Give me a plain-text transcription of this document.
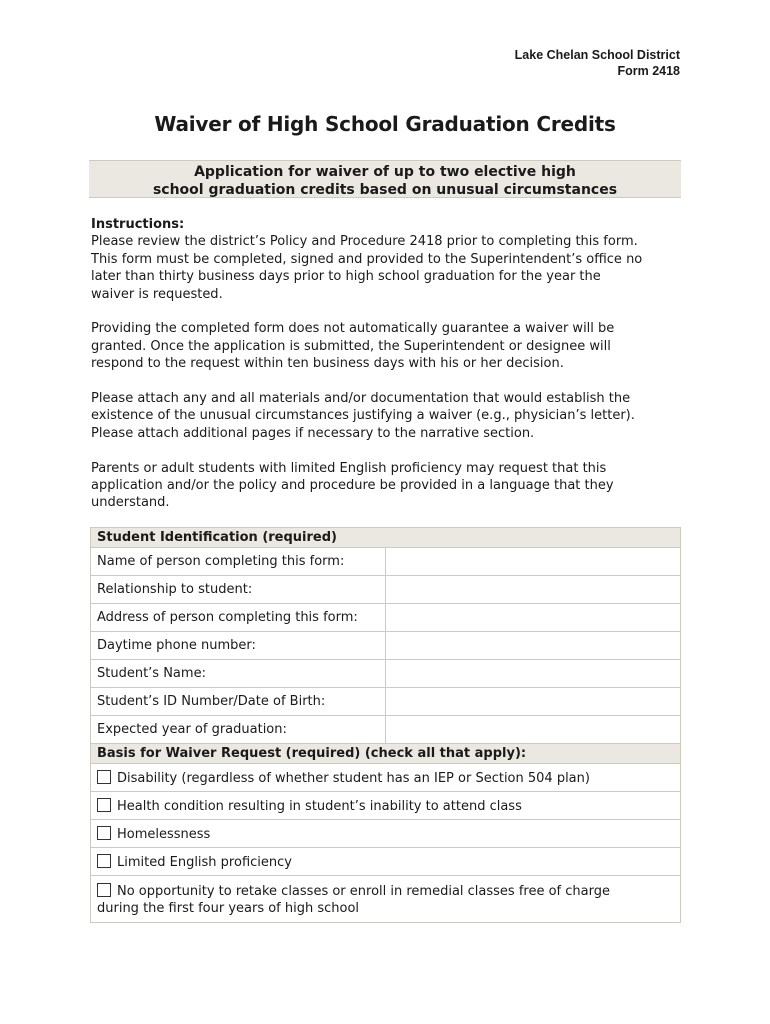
Lake Chelan School District
Form 2418
Waiver of High School Graduation Credits
Application for waiver of up to two elective high
school graduation credits based on unusual circumstances
Instructions:

Please review the district’s Policy and Procedure 2418 prior to completing this form.
This form must be completed, signed and provided to the Superintendent’s office no
later than thirty business days prior to high school graduation for the year the
waiver is requested.

Providing the completed form does not automatically guarantee a waiver will be
granted. Once the application is submitted, the Superintendent or designee will
respond to the request within ten business days with his or her decision.

Please attach any and all materials and/or documentation that would establish the
existence of the unusual circumstances justifying a waiver (e.g., physician’s letter).
Please attach additional pages if necessary to the narrative section.

Parents or adult students with limited English proficiency may request that this
application and/or the policy and procedure be provided in a language that they
understand.

Student Identification (required)	
Name of person completing this form:	
Relationship to student:	
Address of person completing this form:	
Daytime phone number:	
Student’s Name:	
Student’s ID Number/Date of Birth:	
Expected year of graduation:	
Basis for Waiver Request (required) (check all that apply):	
Disability (regardless of whether student has an IEP or Section 504 plan)	
Health condition resulting in student’s inability to attend class	
Homelessness	
Limited English proficiency	
No opportunity to retake classes or enroll in remedial classes free of charge
during the first four years of high school	
